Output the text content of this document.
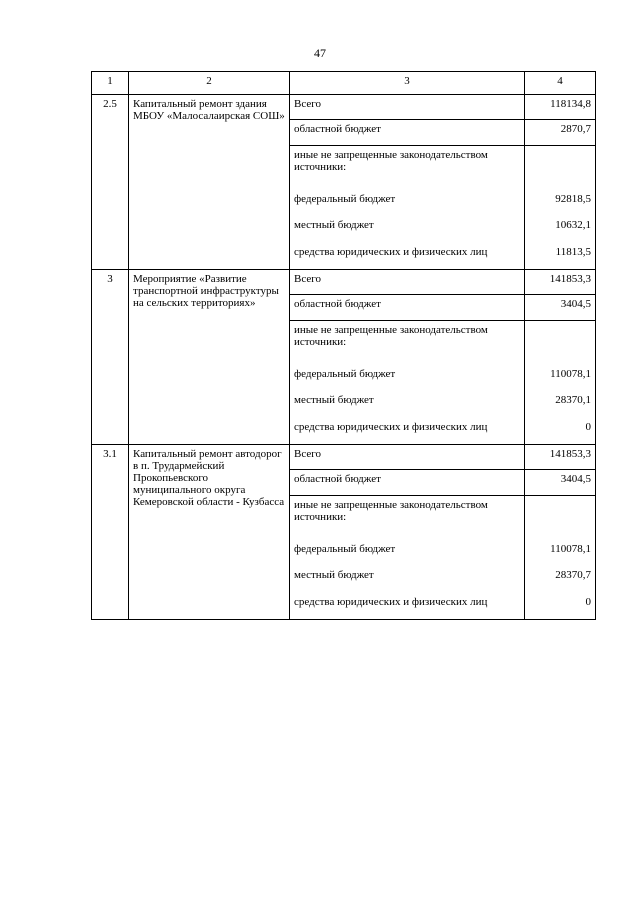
47
1	2	3	4
2.5	Капитальный ремонт здания МБОУ «Малосалаирская СОШ»	Всего	118134,8
		областной бюджет	2870,7
		иные не запрещенные законодательством источники:	
		федеральный бюджет	92818,5
		местный бюджет	10632,1
		средства юридических и физических лиц	11813,5
3	Мероприятие «Развитие транспортной инфраструктуры на сельских территориях»	Всего	141853,3
		областной бюджет	3404,5
		иные не запрещенные законодательством источники:	
		федеральный бюджет	110078,1
		местный бюджет	28370,1
		средства юридических и физических лиц	0
3.1	Капитальный ремонт автодорог в п. Трудармейский Прокопьевского муниципального округа Кемеровской области - Кузбасса	Всего	141853,3
		областной бюджет	3404,5
		иные не запрещенные законодательством источники:	
		федеральный бюджет	110078,1
		местный бюджет	28370,7
		средства юридических и физических лиц	0
